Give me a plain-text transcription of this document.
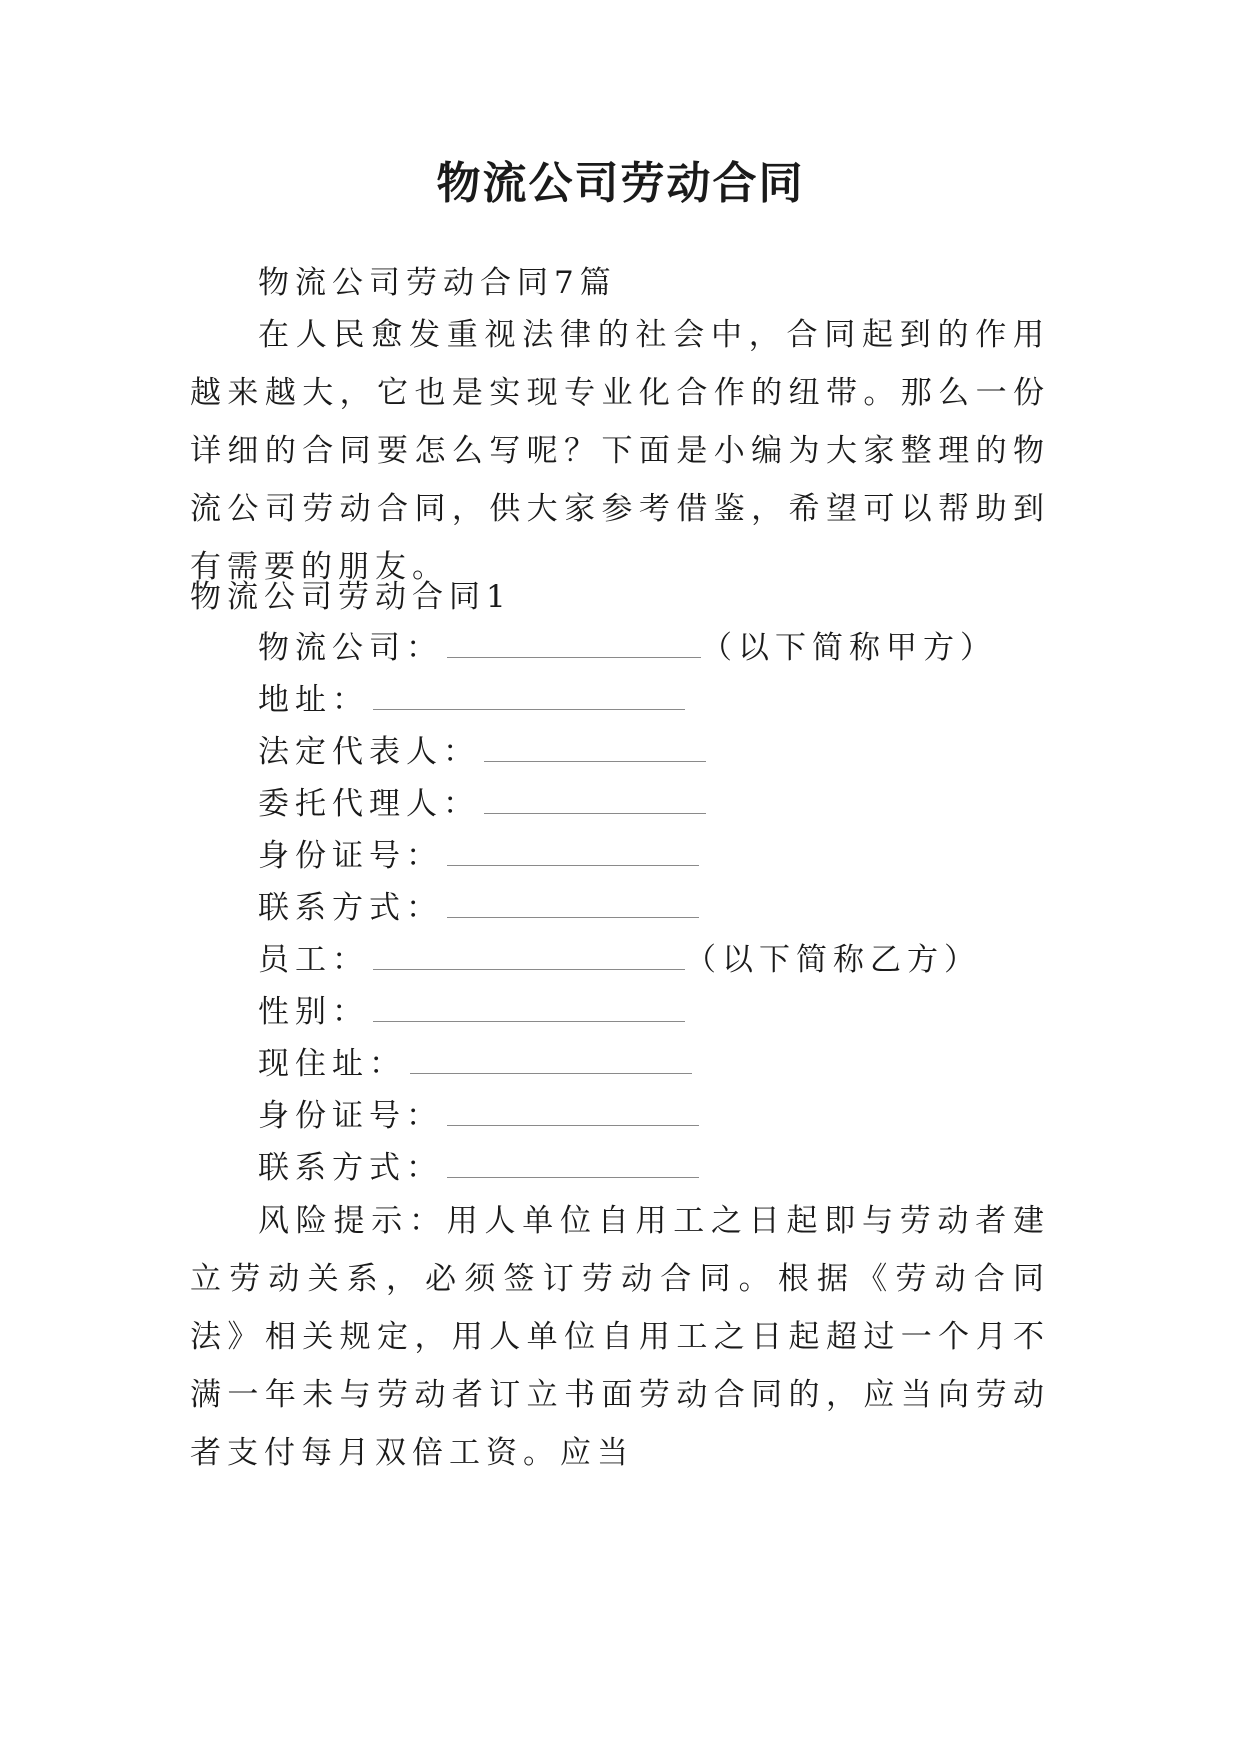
物流公司劳动合同
物流公司劳动合同7篇
在人民愈发重视法律的社会中，合同起到的作用越来越大，它也是实现专业化合作的纽带。那么一份详细的合同要怎么写呢？下面是小编为大家整理的物流公司劳动合同，供大家参考借鉴，希望可以帮助到有需要的朋友。
物流公司劳动合同1
物流公司：	（以下简称甲方）
地址：
法定代表人：
委托代理人：
身份证号：
联系方式：
员工：	（以下简称乙方）
性别：
现住址：
身份证号：
联系方式：
风险提示：用人单位自用工之日起即与劳动者建立劳动关系，必须签订劳动合同。根据《劳动合同法》相关规定，用人单位自用工之日起超过一个月不满一年未与劳动者订立书面劳动合同的，应当向劳动者支付每月双倍工资。应当
